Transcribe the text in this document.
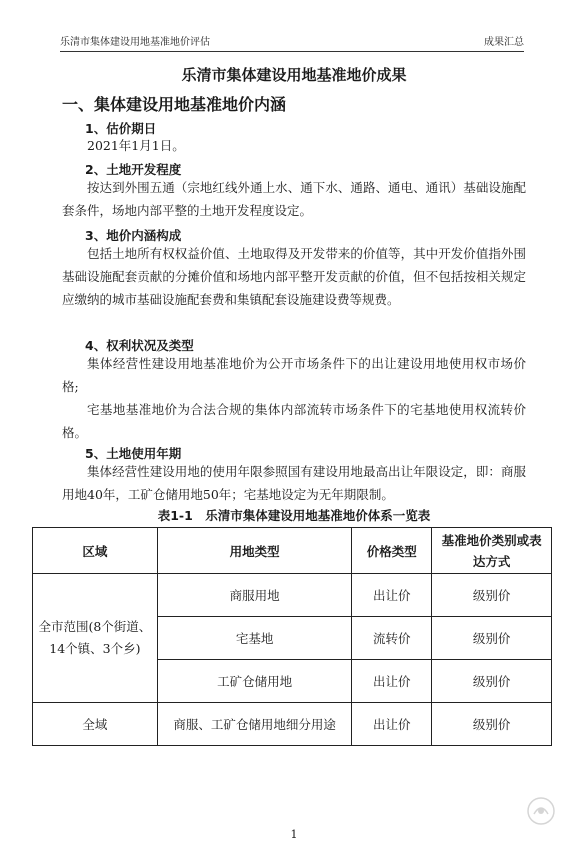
乐清市集体建设用地基准地价评估	成果汇总
乐清市集体建设用地基准地价成果
一、集体建设用地基准地价内涵
1、估价期日
2021年1月1日。
2、土地开发程度
按达到外围五通（宗地红线外通上水、通下水、通路、通电、通讯）基础设施配套条件，场地内部平整的土地开发程度设定。
3、地价内涵构成
包括土地所有权权益价值、土地取得及开发带来的价值等，其中开发价值指外围基础设施配套贡献的分摊价值和场地内部平整开发贡献的价值，但不包括按相关规定应缴纳的城市基础设施配套费和集镇配套设施建设费等规费。
4、权利状况及类型
集体经营性建设用地基准地价为公开市场条件下的出让建设用地使用权市场价格;
宅基地基准地价为合法合规的集体内部流转市场条件下的宅基地使用权流转价格。
5、土地使用年期
集体经营性建设用地的使用年限参照国有建设用地最高出让年限设定，即：商服用地40年，工矿仓储用地50年；宅基地设定为无年期限制。
表1-1　乐清市集体建设用地基准地价体系一览表
区域	用地类型	价格类型	基准地价类别或表达方式
全市范围(8个街道、14个镇、3个乡)	商服用地	出让价	级别价
	宅基地	流转价	级别价
	工矿仓储用地	出让价	级别价
全域	商服、工矿仓储用地细分用途	出让价	级别价
1
